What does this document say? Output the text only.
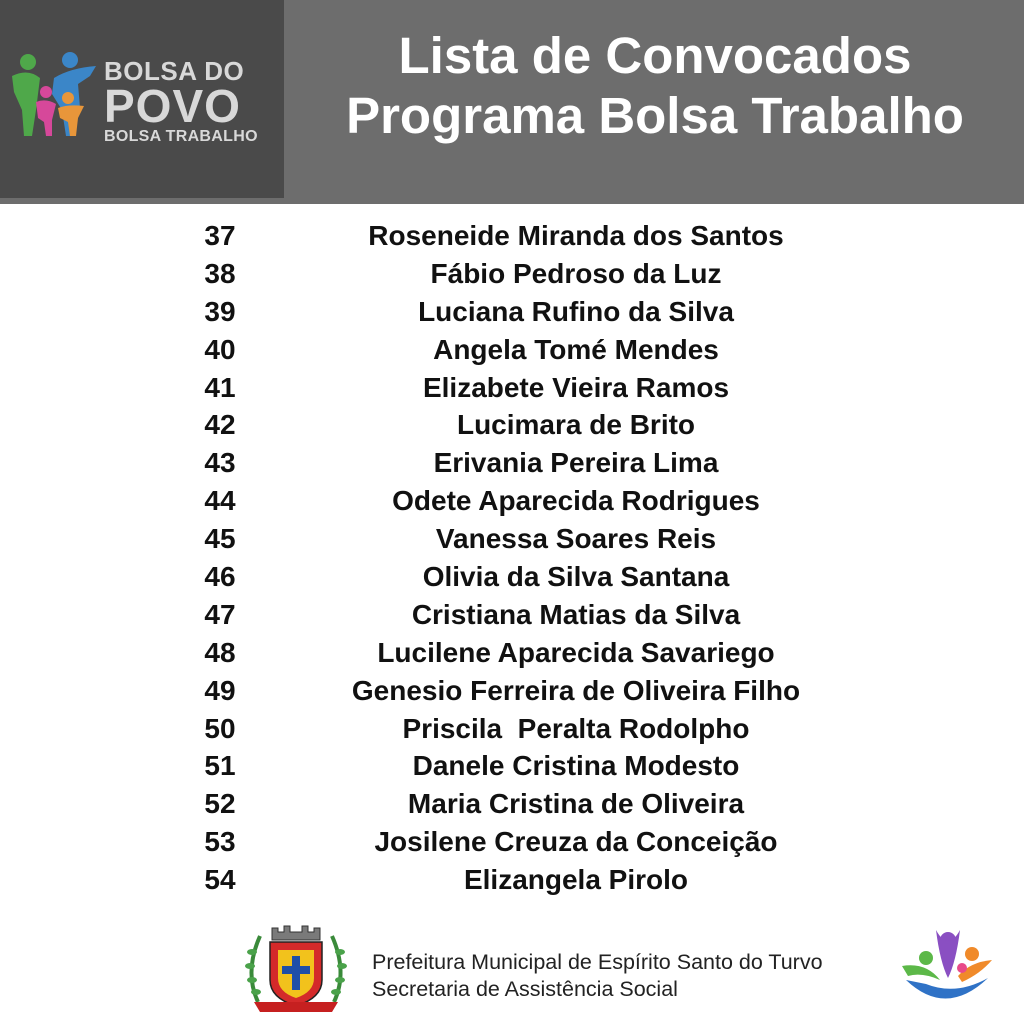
BOLSA DO
POVO
BOLSA TRABALHO
Lista de Convocados
Programa Bolsa Trabalho
37	Roseneide Miranda dos Santos
38	Fábio Pedroso da Luz
39	Luciana Rufino da Silva
40	Angela Tomé Mendes
41	Elizabete Vieira Ramos
42	Lucimara de Brito
43	Erivania Pereira Lima
44	Odete Aparecida Rodrigues
45	Vanessa Soares Reis
46	Olivia da Silva Santana
47	Cristiana Matias da Silva
48	Lucilene Aparecida Savariego
49	Genesio Ferreira de Oliveira Filho
50	Priscila  Peralta Rodolpho
51	Danele Cristina Modesto
52	Maria Cristina de Oliveira
53	Josilene Creuza da Conceição
54	Elizangela Pirolo
Prefeitura Municipal de Espírito Santo do Turvo
Secretaria de Assistência Social
